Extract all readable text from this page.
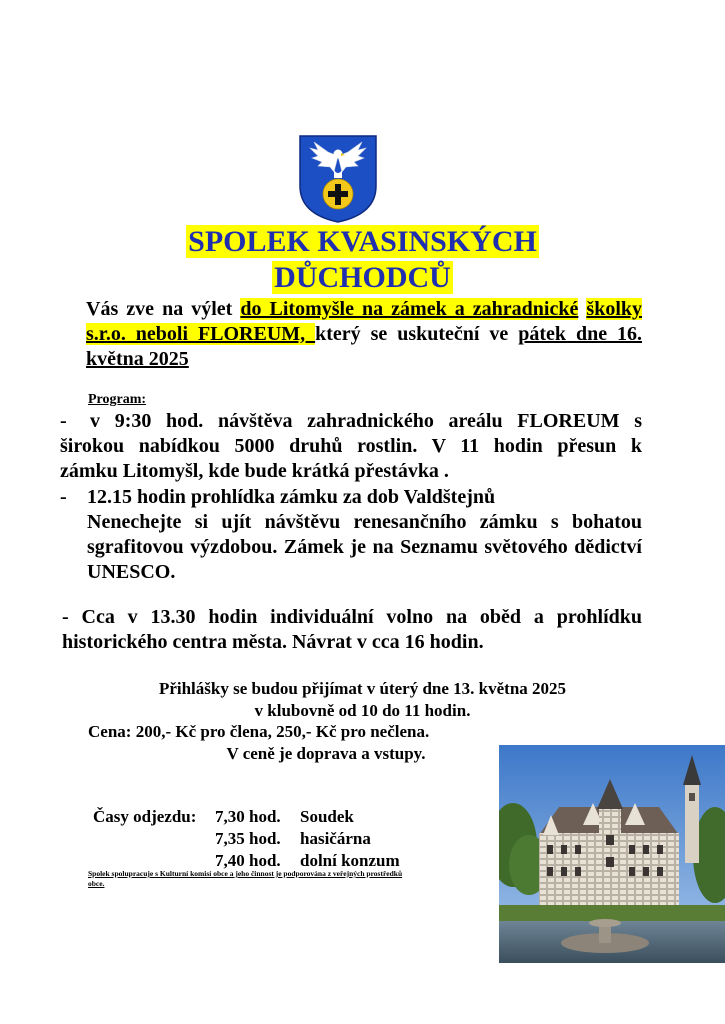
SPOLEK KVASINSKÝCH
DŮCHODCŮ
Vás zve na výlet do Litomyšle na zámek a zahradnické školky s.r.o. neboli FLOREUM, který se uskuteční ve pátek dne 16. května 2025
Program:
-	v 9:30 hod. návštěva zahradnického areálu FLOREUM s
širokou nabídkou 5000 druhů rostlin. V 11 hodin přesun k
zámku Litomyšl, kde bude krátká přestávka .
-	12.15 hodin prohlídka zámku za dob Valdštejnů
Nenechejte si ujít návštěvu renesančního zámku s bohatou sgrafitovou výzdobou. Zámek je na Seznamu světového dědictví UNESCO.
- Cca v 13.30 hodin individuální volno na oběd a prohlídku historického centra města. Návrat v cca 16 hodin.
Přihlášky se budou přijímat v úterý dne 13. května 2025
v klubovně od 10 do 11 hodin.
Cena: 200,- Kč pro člena, 250,- Kč pro nečlena.
V ceně je doprava a vstupy.
Časy odjezdu: 7,30 hod. Soudek
7,35 hod. hasičárna
7,40 hod. dolní konzum
Spolek spolupracuje s Kulturní komisí obce a jeho činnost je podporována z veřejných prostředků
obce.
